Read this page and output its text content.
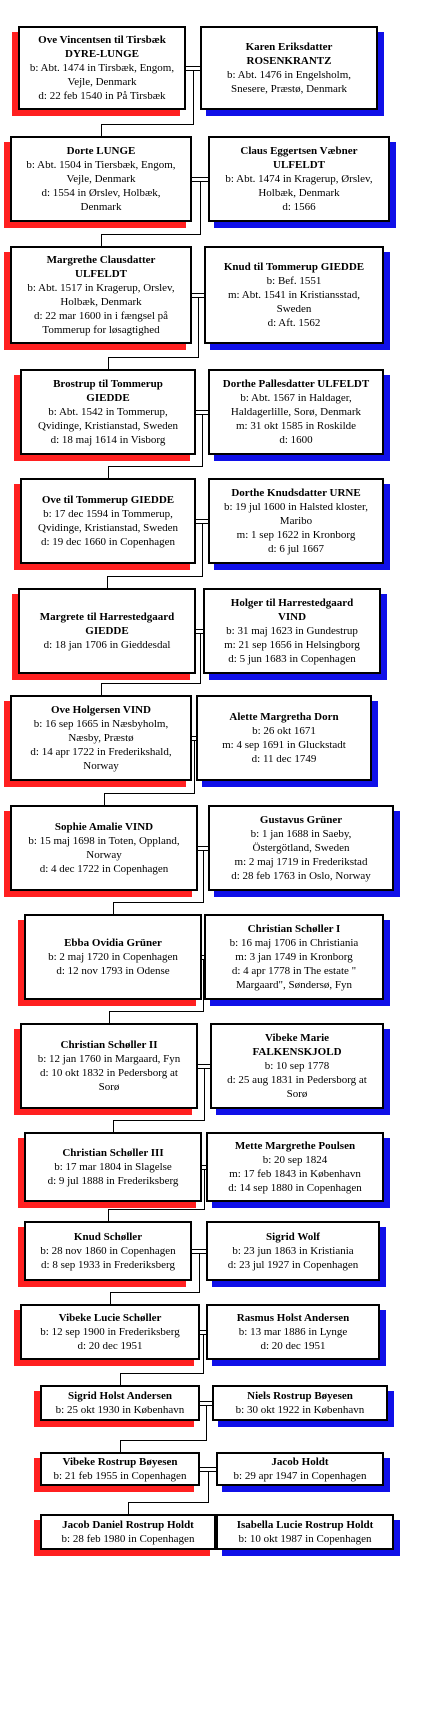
Ove Vincentsen til Tirsbæk
DYRE-LUNGE
b: Abt. 1474 in Tirsbæk, Engom,
Vejle, Denmark
d: 22 feb 1540 in På Tirsbæk
Karen Eriksdatter
ROSENKRANTZ
b: Abt. 1476 in Engelsholm,
Snesere, Præstø, Denmark
Dorte LUNGE
b: Abt. 1504 in Tiersbæk, Engom,
Vejle, Denmark
d: 1554 in Ørslev, Holbæk,
Denmark
Claus Eggertsen Væbner
ULFELDT
b: Abt. 1474 in Kragerup, Ørslev,
Holbæk, Denmark
d: 1566
Margrethe Clausdatter
ULFELDT
b: Abt. 1517 in Kragerup, Orslev,
Holbæk, Denmark
d: 22 mar 1600 in i fængsel på
Tommerup for løsagtighed
Knud til Tommerup GIEDDE
b: Bef. 1551
m: Abt. 1541 in Kristiansstad,
Sweden
d: Aft. 1562
Brostrup til Tommerup
GIEDDE
b: Abt. 1542 in Tommerup,
Qvidinge, Kristianstad, Sweden
d: 18 maj 1614 in Visborg
Dorthe Pallesdatter ULFELDT
b: Abt. 1567 in Haldager,
Haldagerlille, Sorø, Denmark
m: 31 okt 1585 in Roskilde
d: 1600
Ove til Tommerup GIEDDE
b: 17 dec 1594 in Tommerup,
Qvidinge, Kristianstad, Sweden
d: 19 dec 1660 in Copenhagen
Dorthe Knudsdatter URNE
b: 19 jul 1600 in Halsted kloster,
Maribo
m: 1 sep 1622 in Kronborg
d: 6 jul 1667
Margrete til Harrestedgaard
GIEDDE
d: 18 jan 1706 in Gieddesdal
Holger til Harrestedgaard
VIND
b: 31 maj 1623 in Gundestrup
m: 21 sep 1656 in Helsingborg
d: 5 jun 1683 in Copenhagen
Ove Holgersen VIND
b: 16 sep 1665 in Næsbyholm,
Næsby, Præstø
d: 14 apr 1722 in Frederikshald,
Norway
Alette Margretha Dorn
b: 26 okt 1671
m: 4 sep 1691 in Gluckstadt
d: 11 dec 1749
Sophie Amalie VIND
b: 15 maj 1698 in Toten, Oppland,
Norway
d: 4 dec 1722 in Copenhagen
Gustavus Grüner
b: 1 jan 1688 in Saeby,
Östergötland, Sweden
m: 2 maj 1719 in Frederikstad
d: 28 feb 1763 in Oslo, Norway
Ebba Ovidia Grüner
b: 2 maj 1720 in Copenhagen
d: 12 nov 1793 in Odense
Christian Schøller I
b: 16 maj 1706 in Christiania
m: 3 jan 1749 in Kronborg
d: 4 apr 1778 in The estate "
Margaard", Søndersø, Fyn
Christian Schøller II
b: 12 jan 1760 in Margaard, Fyn
d: 10 okt 1832 in Pedersborg at
Sorø
Vibeke Marie
FALKENSKJOLD
b: 10 sep 1778
d: 25 aug 1831 in Pedersborg at
Sorø
Christian Schøller III
b: 17 mar 1804 in Slagelse
d: 9 jul 1888 in Frederiksberg
Mette Margrethe Poulsen
b: 20 sep 1824
m: 17 feb 1843 in København
d: 14 sep 1880 in Copenhagen
Knud Schøller
b: 28 nov 1860 in Copenhagen
d: 8 sep 1933 in Frederiksberg
Sigrid Wolf
b: 23 jun 1863 in Kristiania
d: 23 jul 1927 in Copenhagen
Vibeke Lucie Schøller
b: 12 sep 1900 in Frederiksberg
d: 20 dec 1951
Rasmus Holst Andersen
b: 13 mar 1886 in Lynge
d: 20 dec 1951
Sigrid Holst Andersen
b: 25 okt 1930 in København
Niels Rostrup Bøyesen
b: 30 okt 1922 in København
Vibeke Rostrup Bøyesen
b: 21 feb 1955 in Copenhagen
Jacob Holdt
b: 29 apr 1947 in Copenhagen
Jacob Daniel Rostrup Holdt
b: 28 feb 1980 in Copenhagen
Isabella Lucie Rostrup Holdt
b: 10 okt 1987 in Copenhagen
